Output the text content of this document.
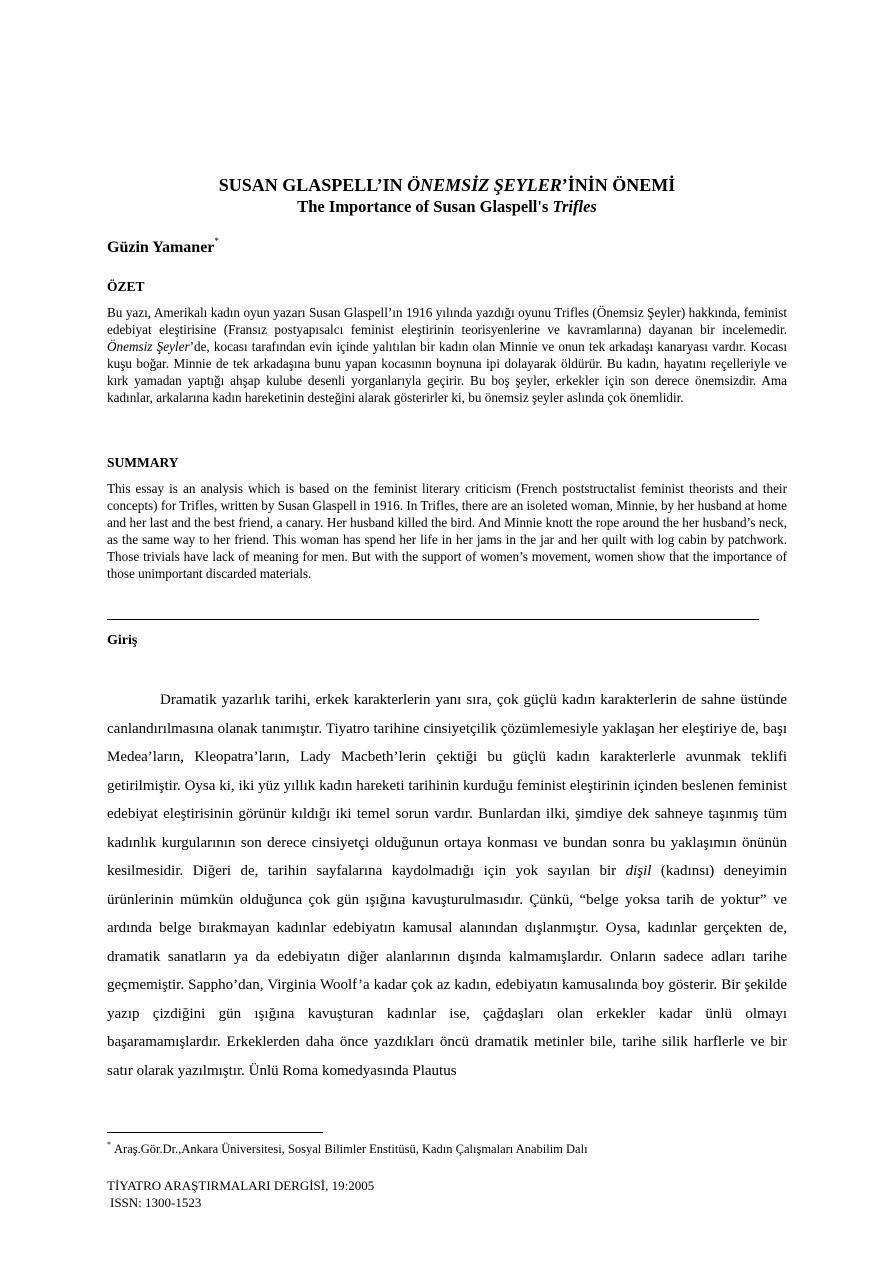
SUSAN GLASPELL’IN ÖNEMSİZ ŞEYLER’İNİN ÖNEMİ
The Importance of Susan Glaspell's Trifles
Güzin Yamaner*
ÖZET

Bu yazı, Amerikalı kadın oyun yazarı Susan Glaspell’ın 1916 yılında yazdığı oyunu Trifles (Önemsiz Şeyler) hakkında, feminist edebiyat eleştirisine (Fransız postyapısalcı feminist eleştirinin teorisyenlerine ve kavramlarına) dayanan bir incelemedir. Önemsiz Şeyler’de, kocası tarafından evin içinde yalıtılan bir kadın olan Minnie ve onun tek arkadaşı kanaryası vardır. Kocası kuşu boğar. Minnie de tek arkadaşına bunu yapan kocasının boynuna ipi dolayarak öldürür. Bu kadın, hayatını reçelleriyle ve kırk yamadan yaptığı ahşap kulube desenli yorganlarıyla geçirir. Bu boş şeyler, erkekler için son derece önemsizdir. Ama kadınlar, arkalarına kadın hareketinin desteğini alarak gösterirler ki, bu önemsiz şeyler aslında çok önemlidir.

SUMMARY

This essay is an analysis which is based on the feminist literary criticism (French poststructalist feminist theorists and their concepts) for Trifles, written by Susan Glaspell in 1916. In Trifles, there are an isoleted woman, Minnie, by her husband at home and her last and the best friend, a canary. Her husband killed the bird. And Minnie knott the rope around the her husband’s neck, as the same way to her friend. This woman has spend her life in her jams in the jar and her quilt with log cabin by patchwork. Those trivials have lack of meaning for men. But with the support of women’s movement, women show that the importance of those unimportant discarded materials.

Giriş

Dramatik yazarlık tarihi, erkek karakterlerin yanı sıra, çok güçlü kadın karakterlerin de sahne üstünde canlandırılmasına olanak tanımıştır. Tiyatro tarihine cinsiyetçilik çözümlemesiyle yaklaşan her eleştiriye de, başı Medea’ların, Kleopatra’ların, Lady Macbeth’lerin çektiği bu güçlü kadın karakterlerle avunmak teklifi getirilmiştir. Oysa ki, iki yüz yıllık kadın hareketi tarihinin kurduğu feminist eleştirinin içinden beslenen feminist edebiyat eleştirisinin görünür kıldığı iki temel sorun vardır. Bunlardan ilki, şimdiye dek sahneye taşınmış tüm kadınlık kurgularının son derece cinsiyetçi olduğunun ortaya konması ve bundan sonra bu yaklaşımın önünün kesilmesidir. Diğeri de, tarihin sayfalarına kaydolmadığı için yok sayılan bir dişil (kadınsı) deneyimin ürünlerinin mümkün olduğunca çok gün ışığına kavuşturulmasıdır. Çünkü, “belge yoksa tarih de yoktur” ve ardında belge bırakmayan kadınlar edebiyatın kamusal alanından dışlanmıştır. Oysa, kadınlar gerçekten de, dramatik sanatların ya da edebiyatın diğer alanlarının dışında kalmamışlardır. Onların sadece adları tarihe geçmemiştir. Sappho’dan, Virginia Woolf’a kadar çok az kadın, edebiyatın kamusalında boy gösterir. Bir şekilde yazıp çizdiğini gün ışığına kavuşturan kadınlar ise, çağdaşları olan erkekler kadar ünlü olmayı başaramamışlardır. Erkeklerden daha önce yazdıkları öncü dramatik metinler bile, tarihe silik harflerle ve bir satır olarak yazılmıştır. Ünlü Roma komedyasında Plautus

* Araş.Gör.Dr.,Ankara Üniversitesi, Sosyal Bilimler Enstitüsü, Kadın Çalışmaları Anabilim Dalı
TİYATRO ARAŞTIRMALARI DERGİSİ, 19:2005
ISSN: 1300-1523
